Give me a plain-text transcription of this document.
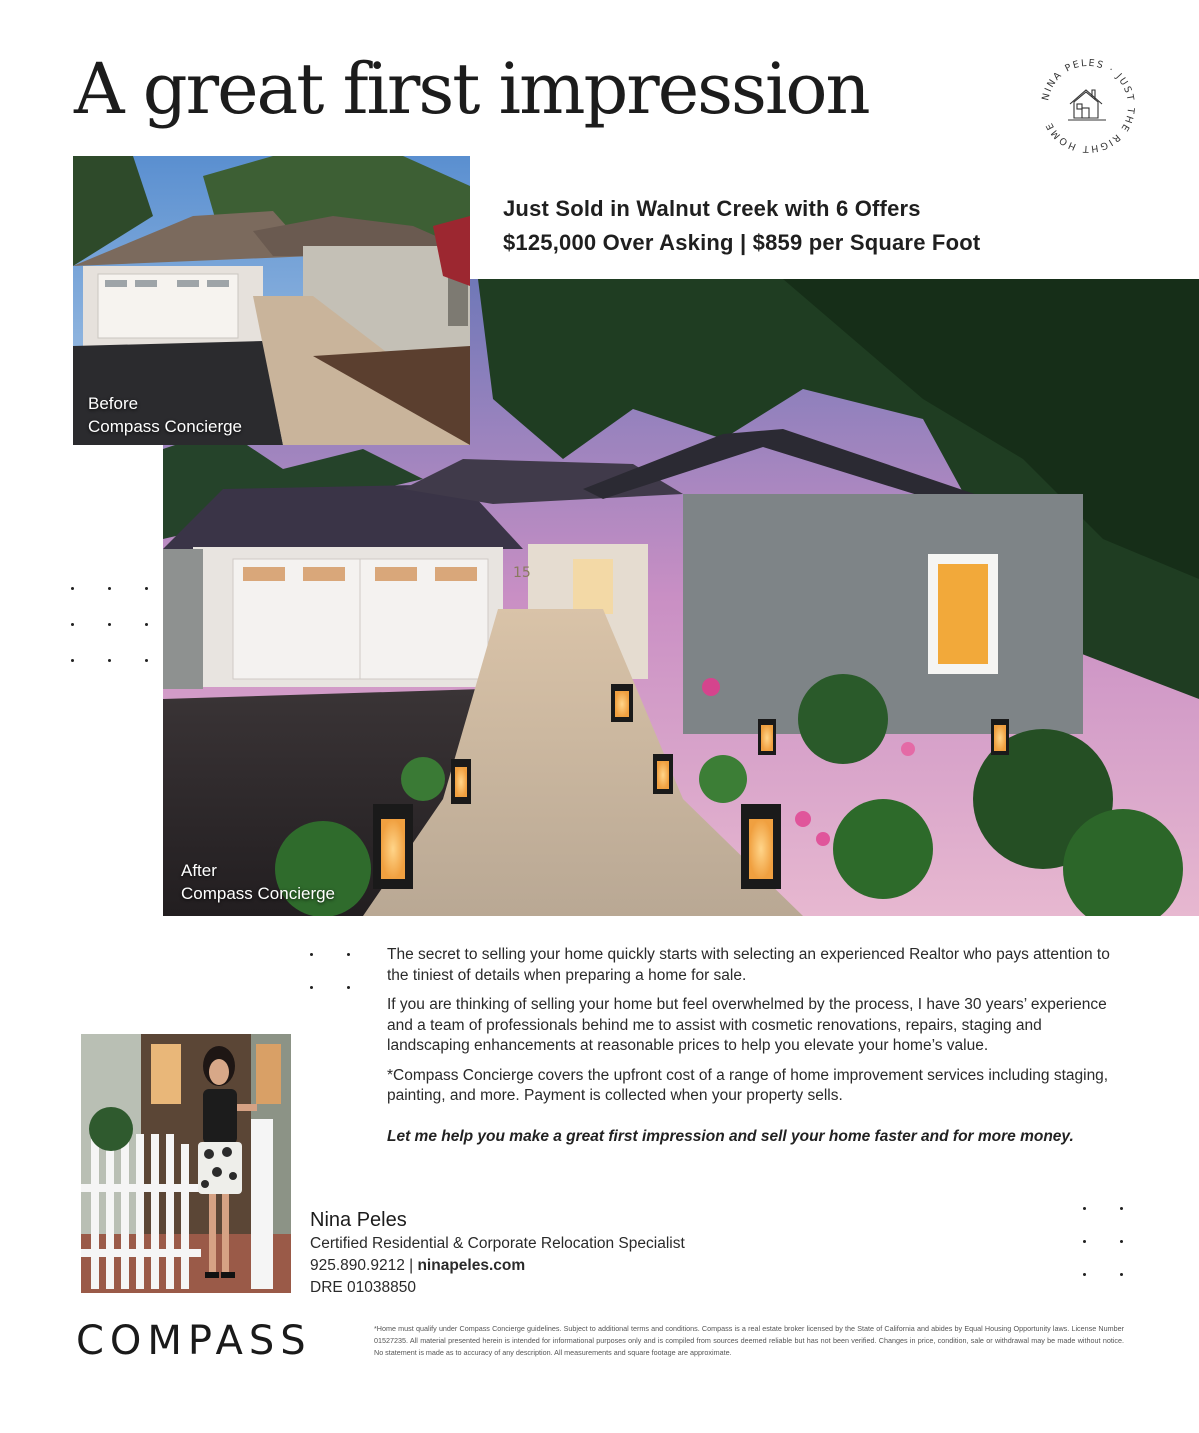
A great first impression	NINA PELES · JUST THE RIGHT HOME
Just Sold in Walnut Creek with 6 Offers
$125,000 Over Asking | $859 per Square Foot
15
After
Compass Concierge
Before
Compass Concierge

The secret to selling your home quickly starts with selecting an experienced Realtor who pays attention to the tiniest of details when preparing a home for sale.

If you are thinking of selling your home but feel overwhelmed by the process, I have 30 years’ experience and a team of professionals behind me to assist with cosmetic renovations, repairs, staging and landscaping enhancements at reasonable prices to help you elevate your home’s value.

*Compass Concierge covers the upfront cost of a range of home improvement services including staging, painting, and more. Payment is collected when your property sells.

Let me help you make a great first impression and sell your home faster and for more money.

Nina Peles
Certified Residential & Corporate Relocation Specialist
925.890.9212 | ninapeles.com
DRE 01038850
COMPASS	*Home must qualify under Compass Concierge guidelines. Subject to additional terms and conditions. Compass is a real estate broker licensed by the State of California and abides by Equal Housing Opportunity laws. License Number 01527235. All material presented herein is intended for informational purposes only and is compiled from sources deemed reliable but has not been verified. Changes in price, condition, sale or withdrawal may be made without notice. No statement is made as to accuracy of any description. All measurements and square footage are approximate.
